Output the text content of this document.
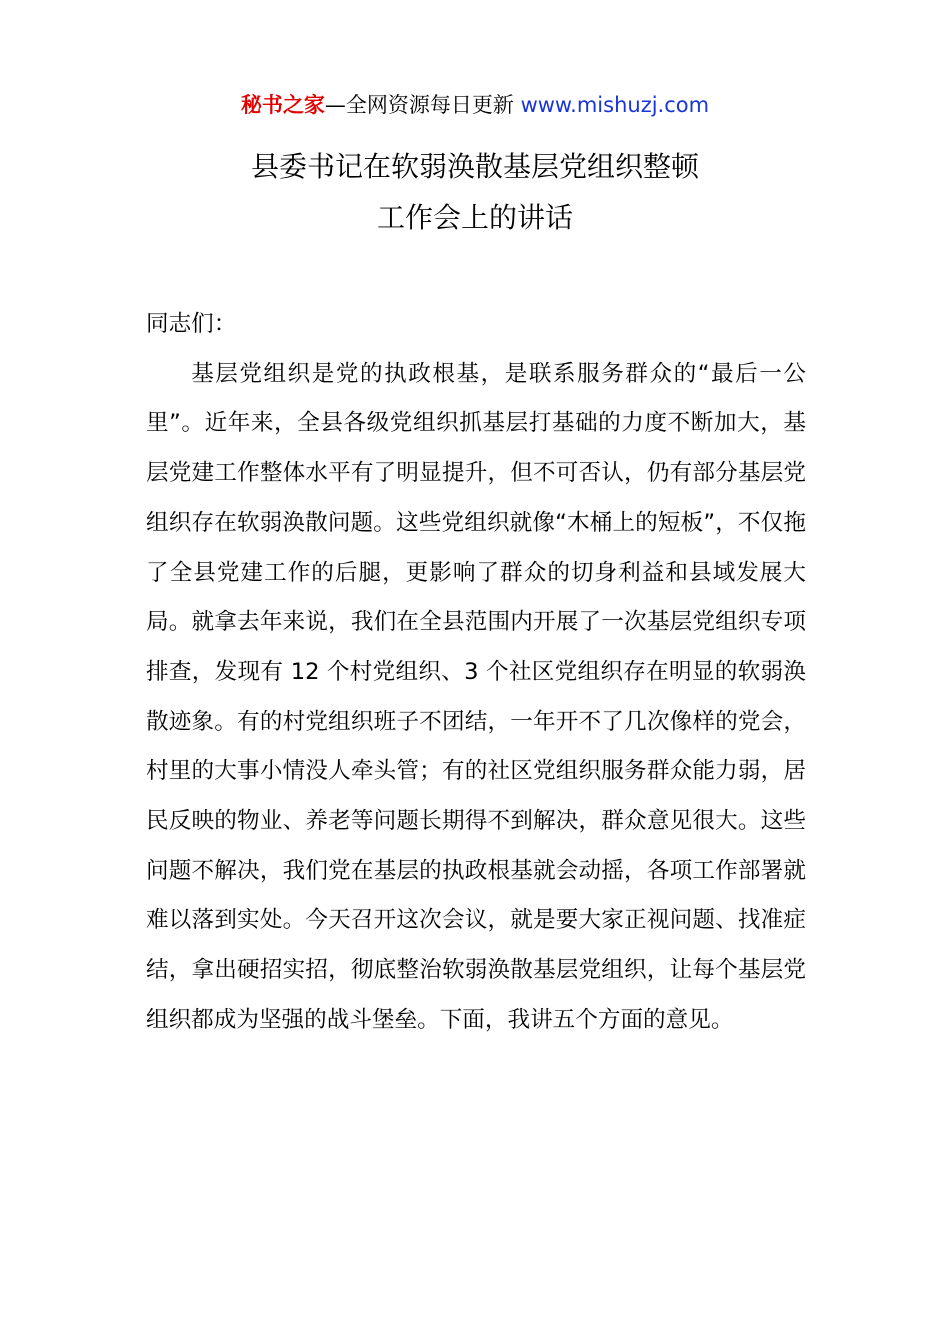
秘书之家—全网资源每日更新 www.mishuzj.com
县委书记在软弱涣散基层党组织整顿
工作会上的讲话

同志们：

基层党组织是党的执政根基，是联系服务群众的“最后一公里”。近年来，全县各级党组织抓基层打基础的力度不断加大，基层党建工作整体水平有了明显提升，但不可否认，仍有部分基层党组织存在软弱涣散问题。这些党组织就像“木桶上的短板”，不仅拖了全县党建工作的后腿，更影响了群众的切身利益和县域发展大局。就拿去年来说，我们在全县范围内开展了一次基层党组织专项排查，发现有 12 个村党组织、3 个社区党组织存在明显的软弱涣散迹象。有的村党组织班子不团结，一年开不了几次像样的党会，村里的大事小情没人牵头管；有的社区党组织服务群众能力弱，居民反映的物业、养老等问题长期得不到解决，群众意见很大。这些问题不解决，我们党在基层的执政根基就会动摇，各项工作部署就难以落到实处。今天召开这次会议，就是要大家正视问题、找准症结，拿出硬招实招，彻底整治软弱涣散基层党组织，让每个基层党组织都成为坚强的战斗堡垒。下面，我讲五个方面的意见。
